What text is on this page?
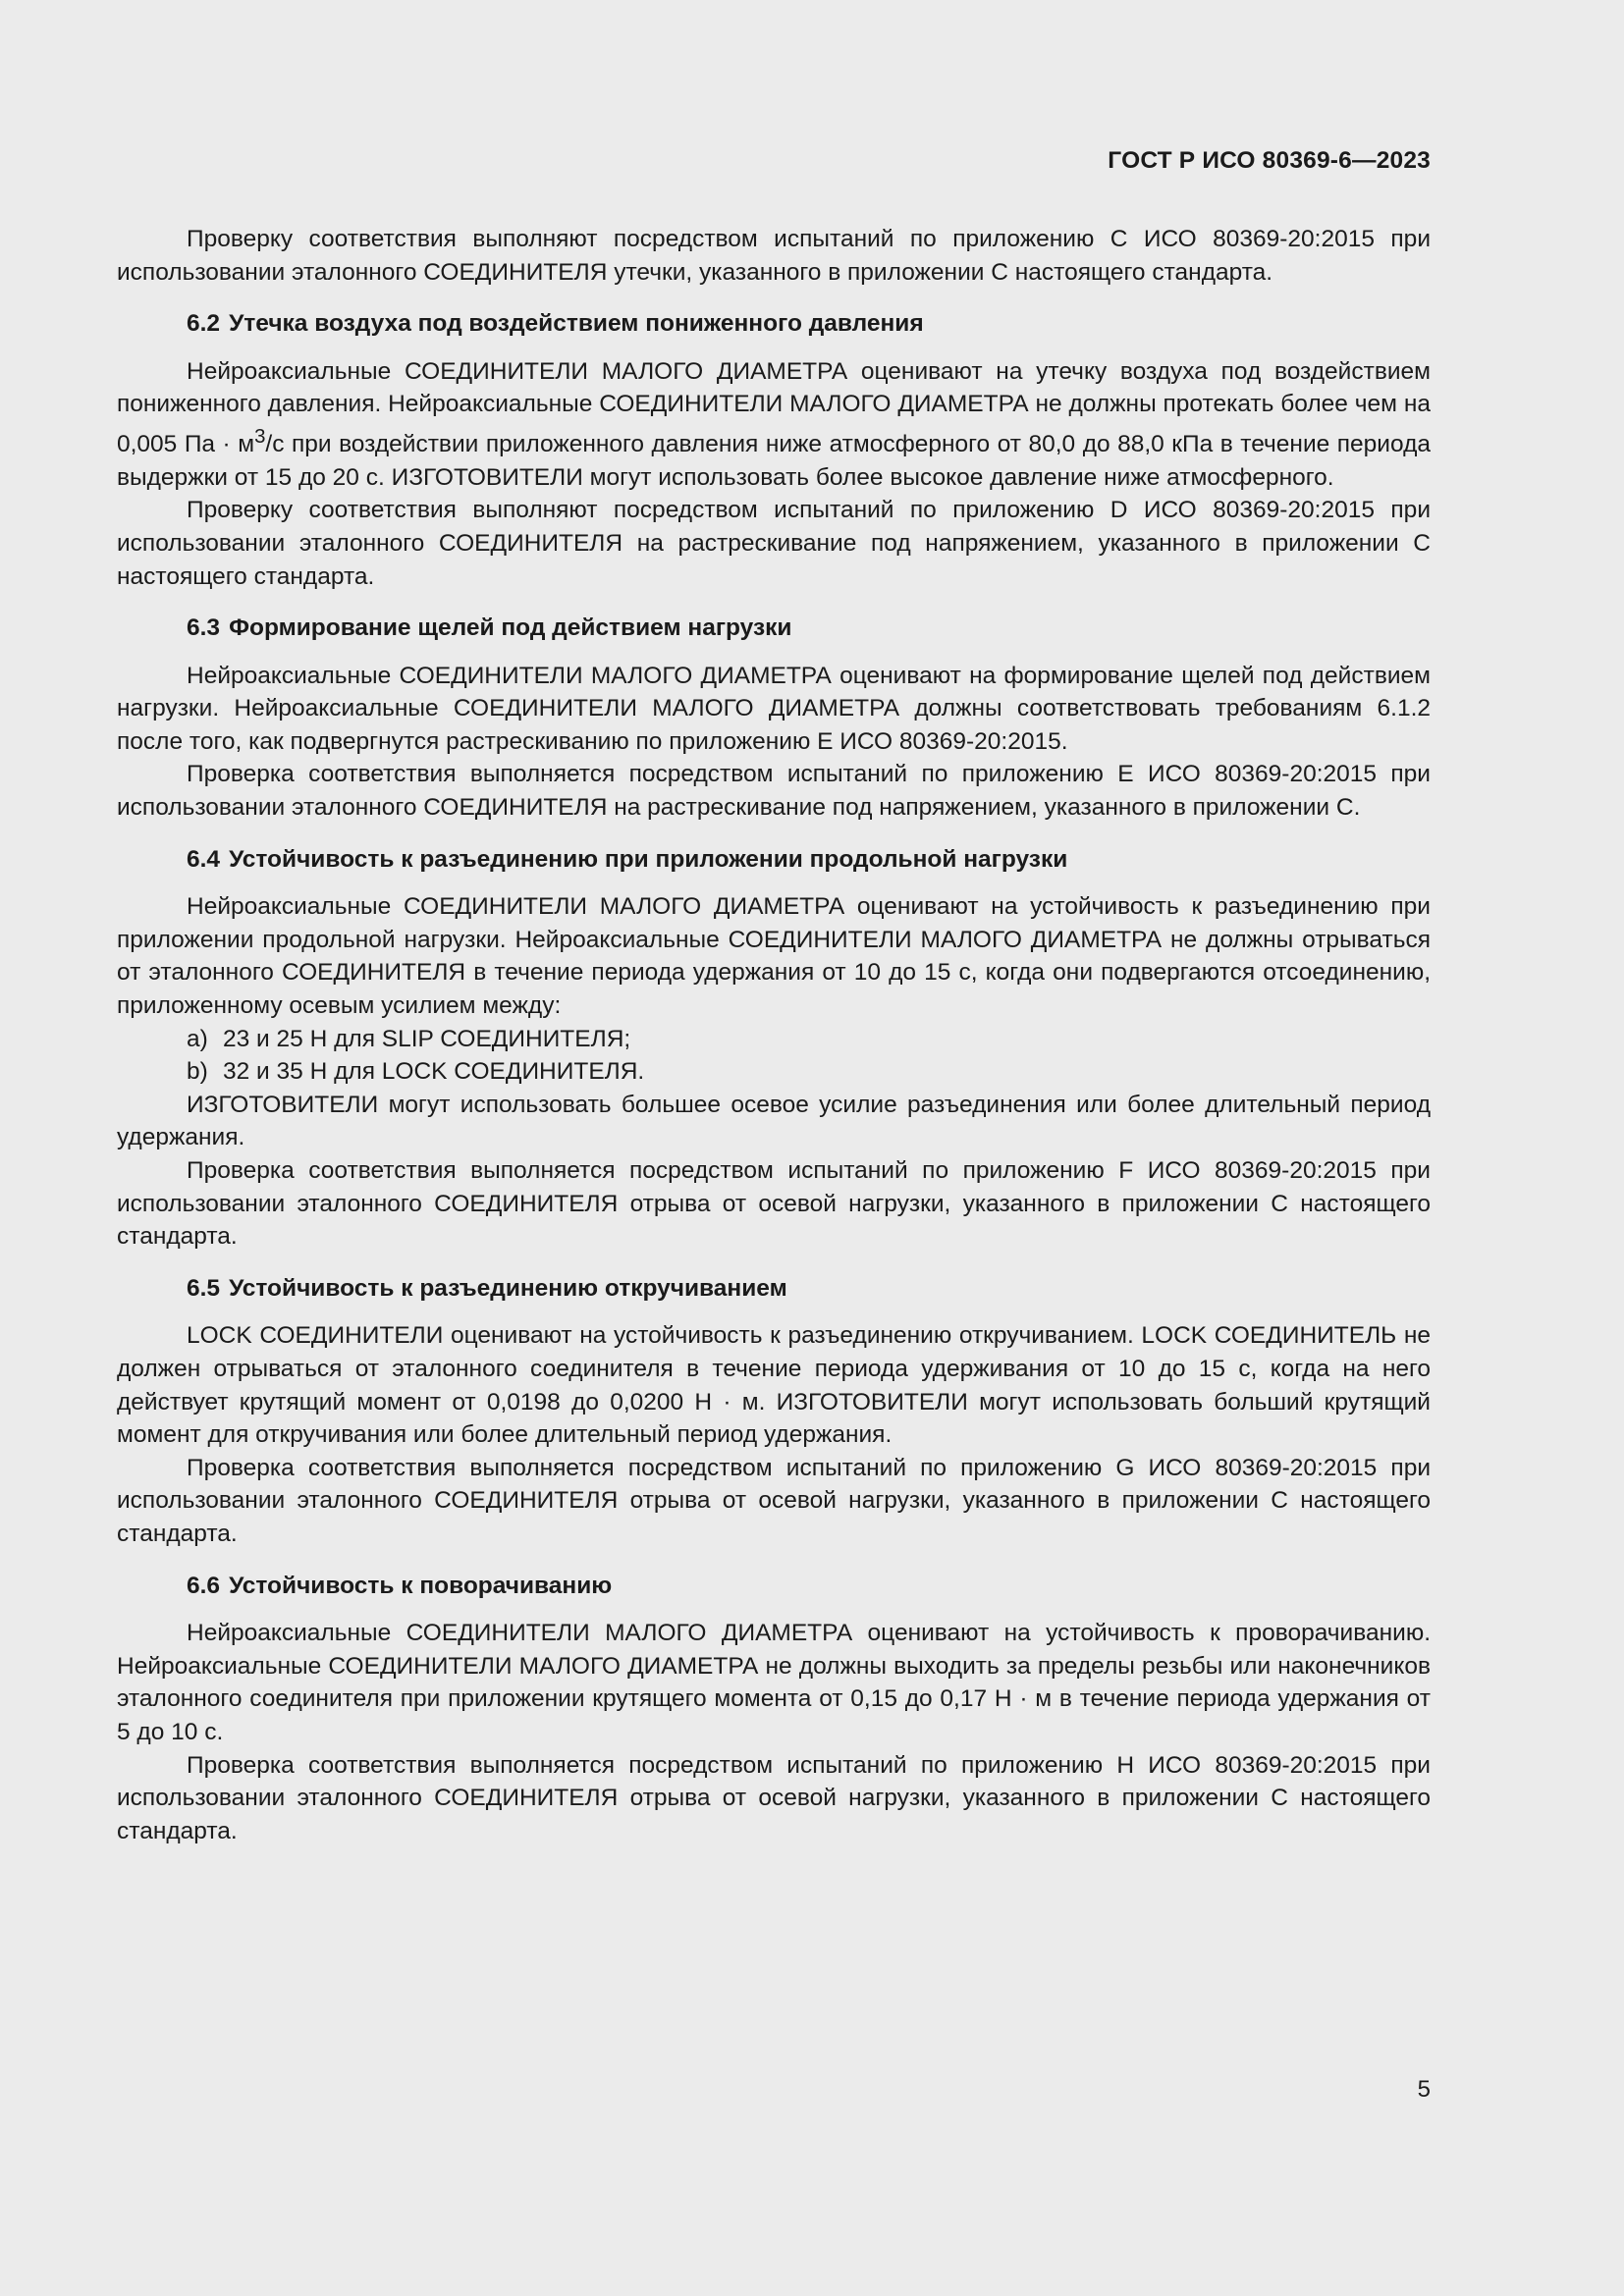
ГОСТ Р ИСО 80369-6—2023

Проверку соответствия выполняют посредством испытаний по приложению C ИСО 80369-20:2015 при использовании эталонного СОЕДИНИТЕЛЯ утечки, указанного в приложении C настоящего стандарта.

6.2 Утечка воздуха под воздействием пониженного давления

Нейроаксиальные СОЕДИНИТЕЛИ МАЛОГО ДИАМЕТРА оценивают на утечку воздуха под воздействием пониженного давления. Нейроаксиальные СОЕДИНИТЕЛИ МАЛОГО ДИАМЕТРА не должны протекать более чем на 0,005 Па · $м^3/с$ при воздействии приложенного давления ниже атмосферного от 80,0 до 88,0 кПа в течение периода выдержки от 15 до 20 с. ИЗГОТОВИТЕЛИ могут использовать более высокое давление ниже атмосферного.

Проверку соответствия выполняют посредством испытаний по приложению D ИСО 80369-20:2015 при использовании эталонного СОЕДИНИТЕЛЯ на растрескивание под напряжением, указанного в приложении C настоящего стандарта.

6.3 Формирование щелей под действием нагрузки

Нейроаксиальные СОЕДИНИТЕЛИ МАЛОГО ДИАМЕТРА оценивают на формирование щелей под действием нагрузки. Нейроаксиальные СОЕДИНИТЕЛИ МАЛОГО ДИАМЕТРА должны соответствовать требованиям 6.1.2 после того, как подвергнутся растрескиванию по приложению E ИСО 80369-20:2015.

Проверка соответствия выполняется посредством испытаний по приложению E ИСО 80369-20:2015 при использовании эталонного СОЕДИНИТЕЛЯ на растрескивание под напряжением, указанного в приложении C.

6.4 Устойчивость к разъединению при приложении продольной нагрузки

Нейроаксиальные СОЕДИНИТЕЛИ МАЛОГО ДИАМЕТРА оценивают на устойчивость к разъединению при приложении продольной нагрузки. Нейроаксиальные СОЕДИНИТЕЛИ МАЛОГО ДИАМЕТРА не должны отрываться от эталонного СОЕДИНИТЕЛЯ в течение периода удержания от 10 до 15 с, когда они подвергаются отсоединению, приложенному осевым усилием между:

a) 23 и 25 Н для SLIP СОЕДИНИТЕЛЯ;
b) 32 и 35 Н для LOCK СОЕДИНИТЕЛЯ.

ИЗГОТОВИТЕЛИ могут использовать большее осевое усилие разъединения или более длительный период удержания.

Проверка соответствия выполняется посредством испытаний по приложению F ИСО 80369-20:2015 при использовании эталонного СОЕДИНИТЕЛЯ отрыва от осевой нагрузки, указанного в приложении C настоящего стандарта.

6.5 Устойчивость к разъединению откручиванием

LOCK СОЕДИНИТЕЛИ оценивают на устойчивость к разъединению откручиванием. LOCK СОЕДИНИТЕЛЬ не должен отрываться от эталонного соединителя в течение периода удерживания от 10 до 15 с, когда на него действует крутящий момент от 0,0198 до 0,0200 Н · м. ИЗГОТОВИТЕЛИ могут использовать больший крутящий момент для откручивания или более длительный период удержания.

Проверка соответствия выполняется посредством испытаний по приложению G ИСО 80369-20:2015 при использовании эталонного СОЕДИНИТЕЛЯ отрыва от осевой нагрузки, указанного в приложении C настоящего стандарта.

6.6 Устойчивость к поворачиванию

Нейроаксиальные СОЕДИНИТЕЛИ МАЛОГО ДИАМЕТРА оценивают на устойчивость к проворачиванию. Нейроаксиальные СОЕДИНИТЕЛИ МАЛОГО ДИАМЕТРА не должны выходить за пределы резьбы или наконечников эталонного соединителя при приложении крутящего момента от 0,15 до 0,17 Н · м в течение периода удержания от 5 до 10 с.

Проверка соответствия выполняется посредством испытаний по приложению H ИСО 80369-20:2015 при использовании эталонного СОЕДИНИТЕЛЯ отрыва от осевой нагрузки, указанного в приложении C настоящего стандарта.

5
